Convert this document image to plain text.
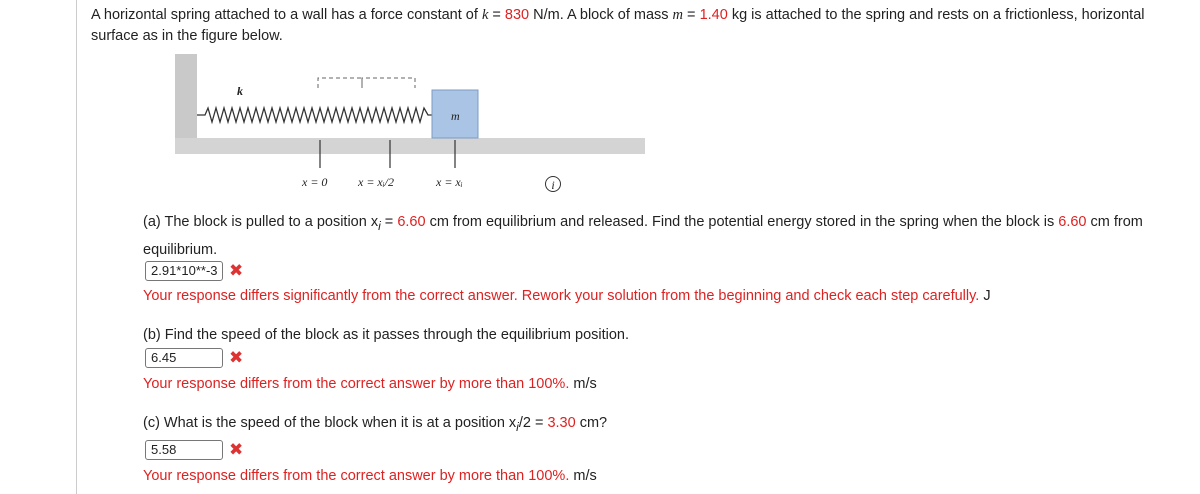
A horizontal spring attached to a wall has a force constant of k = 830 N/m. A block of mass m = 1.40 kg is attached to the spring and rests on a frictionless, horizontal surface as in the figure below.
k
m
x = 0	x = xᵢ/2	x = xᵢ	i
(a) The block is pulled to a position $x_i = 6.60$ cm from equilibrium and released. Find the potential energy stored in the spring when the block is 6.60 cm from equilibrium.
2.91*10**-3 ✖
Your response differs significantly from the correct answer. Rework your solution from the beginning and check each step carefully. J
(b) Find the speed of the block as it passes through the equilibrium position.
6.45	✖
Your response differs from the correct answer by more than 100%. m/s
(c) What is the speed of the block when it is at a position $x_i/2 = 3.30$ cm?
5.58	✖
Your response differs from the correct answer by more than 100%. m/s
